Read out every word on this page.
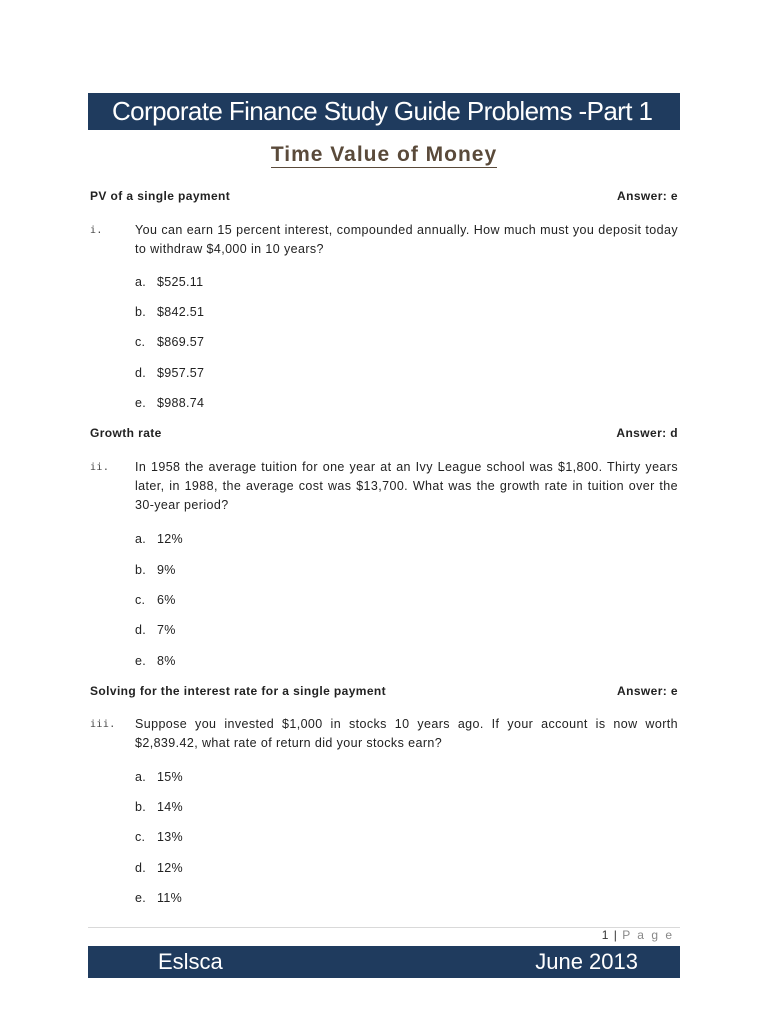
Corporate Finance Study Guide Problems -Part 1
Time Value of Money
PV of a single payment	Answer: e
i.	You can earn 15 percent interest, compounded annually. How much must you deposit today to withdraw $4,000 in 10 years?
a. $525.11
b. $842.51
c. $869.57
d. $957.57
e. $988.74
Growth rate	Answer: d
ii. In 1958 the average tuition for one year at an Ivy League school was $1,800. Thirty years later, in 1988, the average cost was $13,700. What was the growth rate in tuition over the 30-year period?
a. 12%
b. 9%
c. 6%
d. 7%
e. 8%
Solving for the interest rate for a single payment	Answer: e
iii. Suppose you invested $1,000 in stocks 10 years ago. If your account is now worth $2,839.42, what rate of return did your stocks earn?
a. 15%
b. 14%
c. 13%
d. 12%
e. 11%
1 | P a g e
Eslsca	June 2013
